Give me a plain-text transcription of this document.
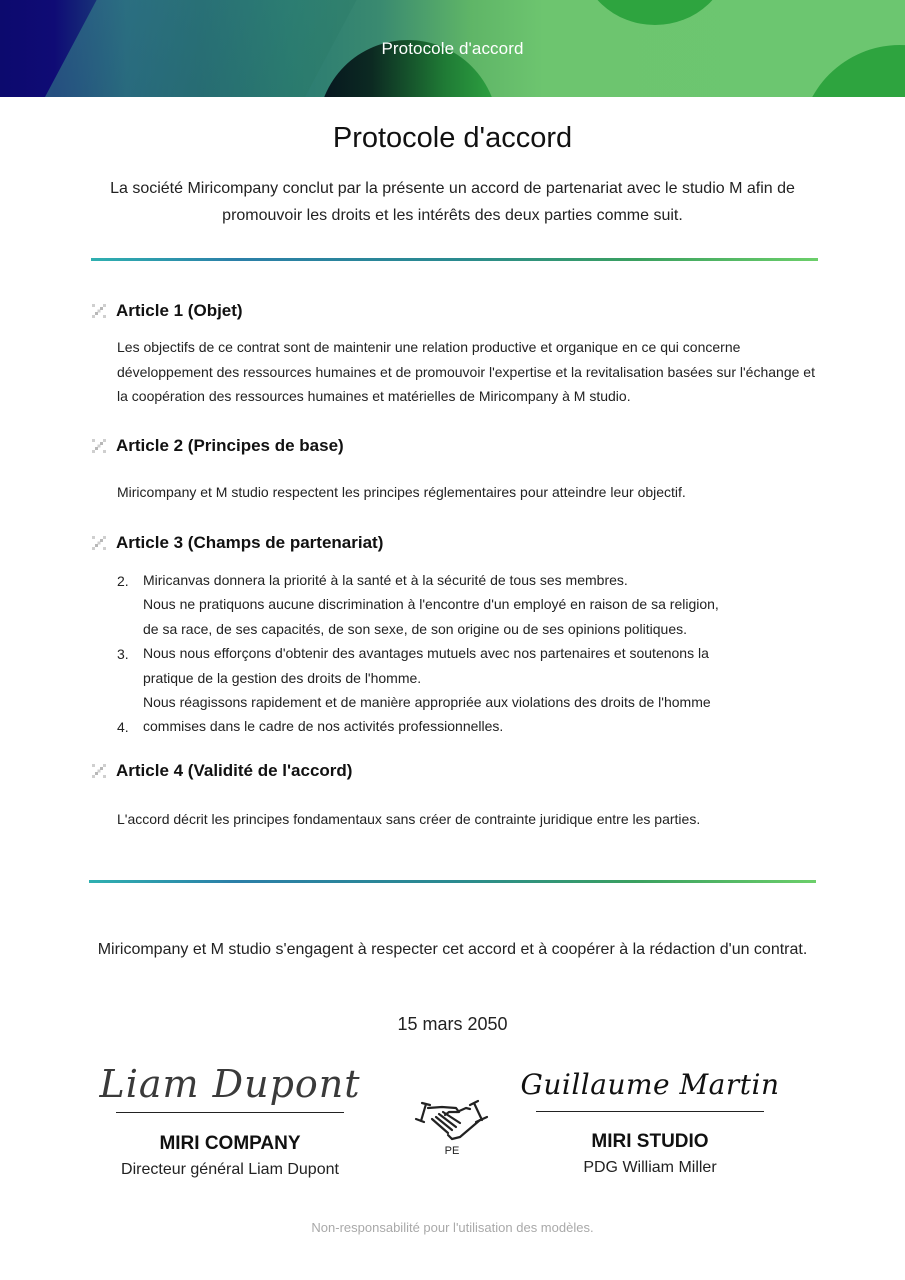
Protocole d'accord
Protocole d'accord
La société Miricompany conclut par la présente un accord de partenariat avec le studio M afin de promouvoir les droits et les intérêts des deux parties comme suit.
Article 1 (Objet)
Les objectifs de ce contrat sont de maintenir une relation productive et organique en ce qui concerne développement des ressources humaines et de promouvoir l'expertise et la revitalisation basées sur l'échange et la coopération des ressources humaines et matérielles de Miricompany à M studio.
Article 2 (Principes de base)
Miricompany et M studio respectent les principes réglementaires pour atteindre leur objectif.
Article 3 (Champs de partenariat)
2. Miricanvas donnera la priorité à la santé et à la sécurité de tous ses membres.
Nous ne pratiquons aucune discrimination à l'encontre d'un employé en raison de sa religion,
de sa race, de ses capacités, de son sexe, de son origine ou de ses opinions politiques.
3. Nous nous efforçons d'obtenir des avantages mutuels avec nos partenaires et soutenons la
pratique de la gestion des droits de l'homme.
Nous réagissons rapidement et de manière appropriée aux violations des droits de l'homme
4. commises dans le cadre de nos activités professionnelles.
Article 4 (Validité de l'accord)
L'accord décrit les principes fondamentaux sans créer de contrainte juridique entre les parties.
Miricompany et M studio s'engagent à respecter cet accord et à coopérer à la rédaction d'un contrat.
15 mars 2050
Liam Dupont
MIRI COMPANY
Directeur général Liam Dupont
PE
Guillaume Martin
MIRI STUDIO
PDG William Miller
Non-responsabilité pour l'utilisation des modèles.
